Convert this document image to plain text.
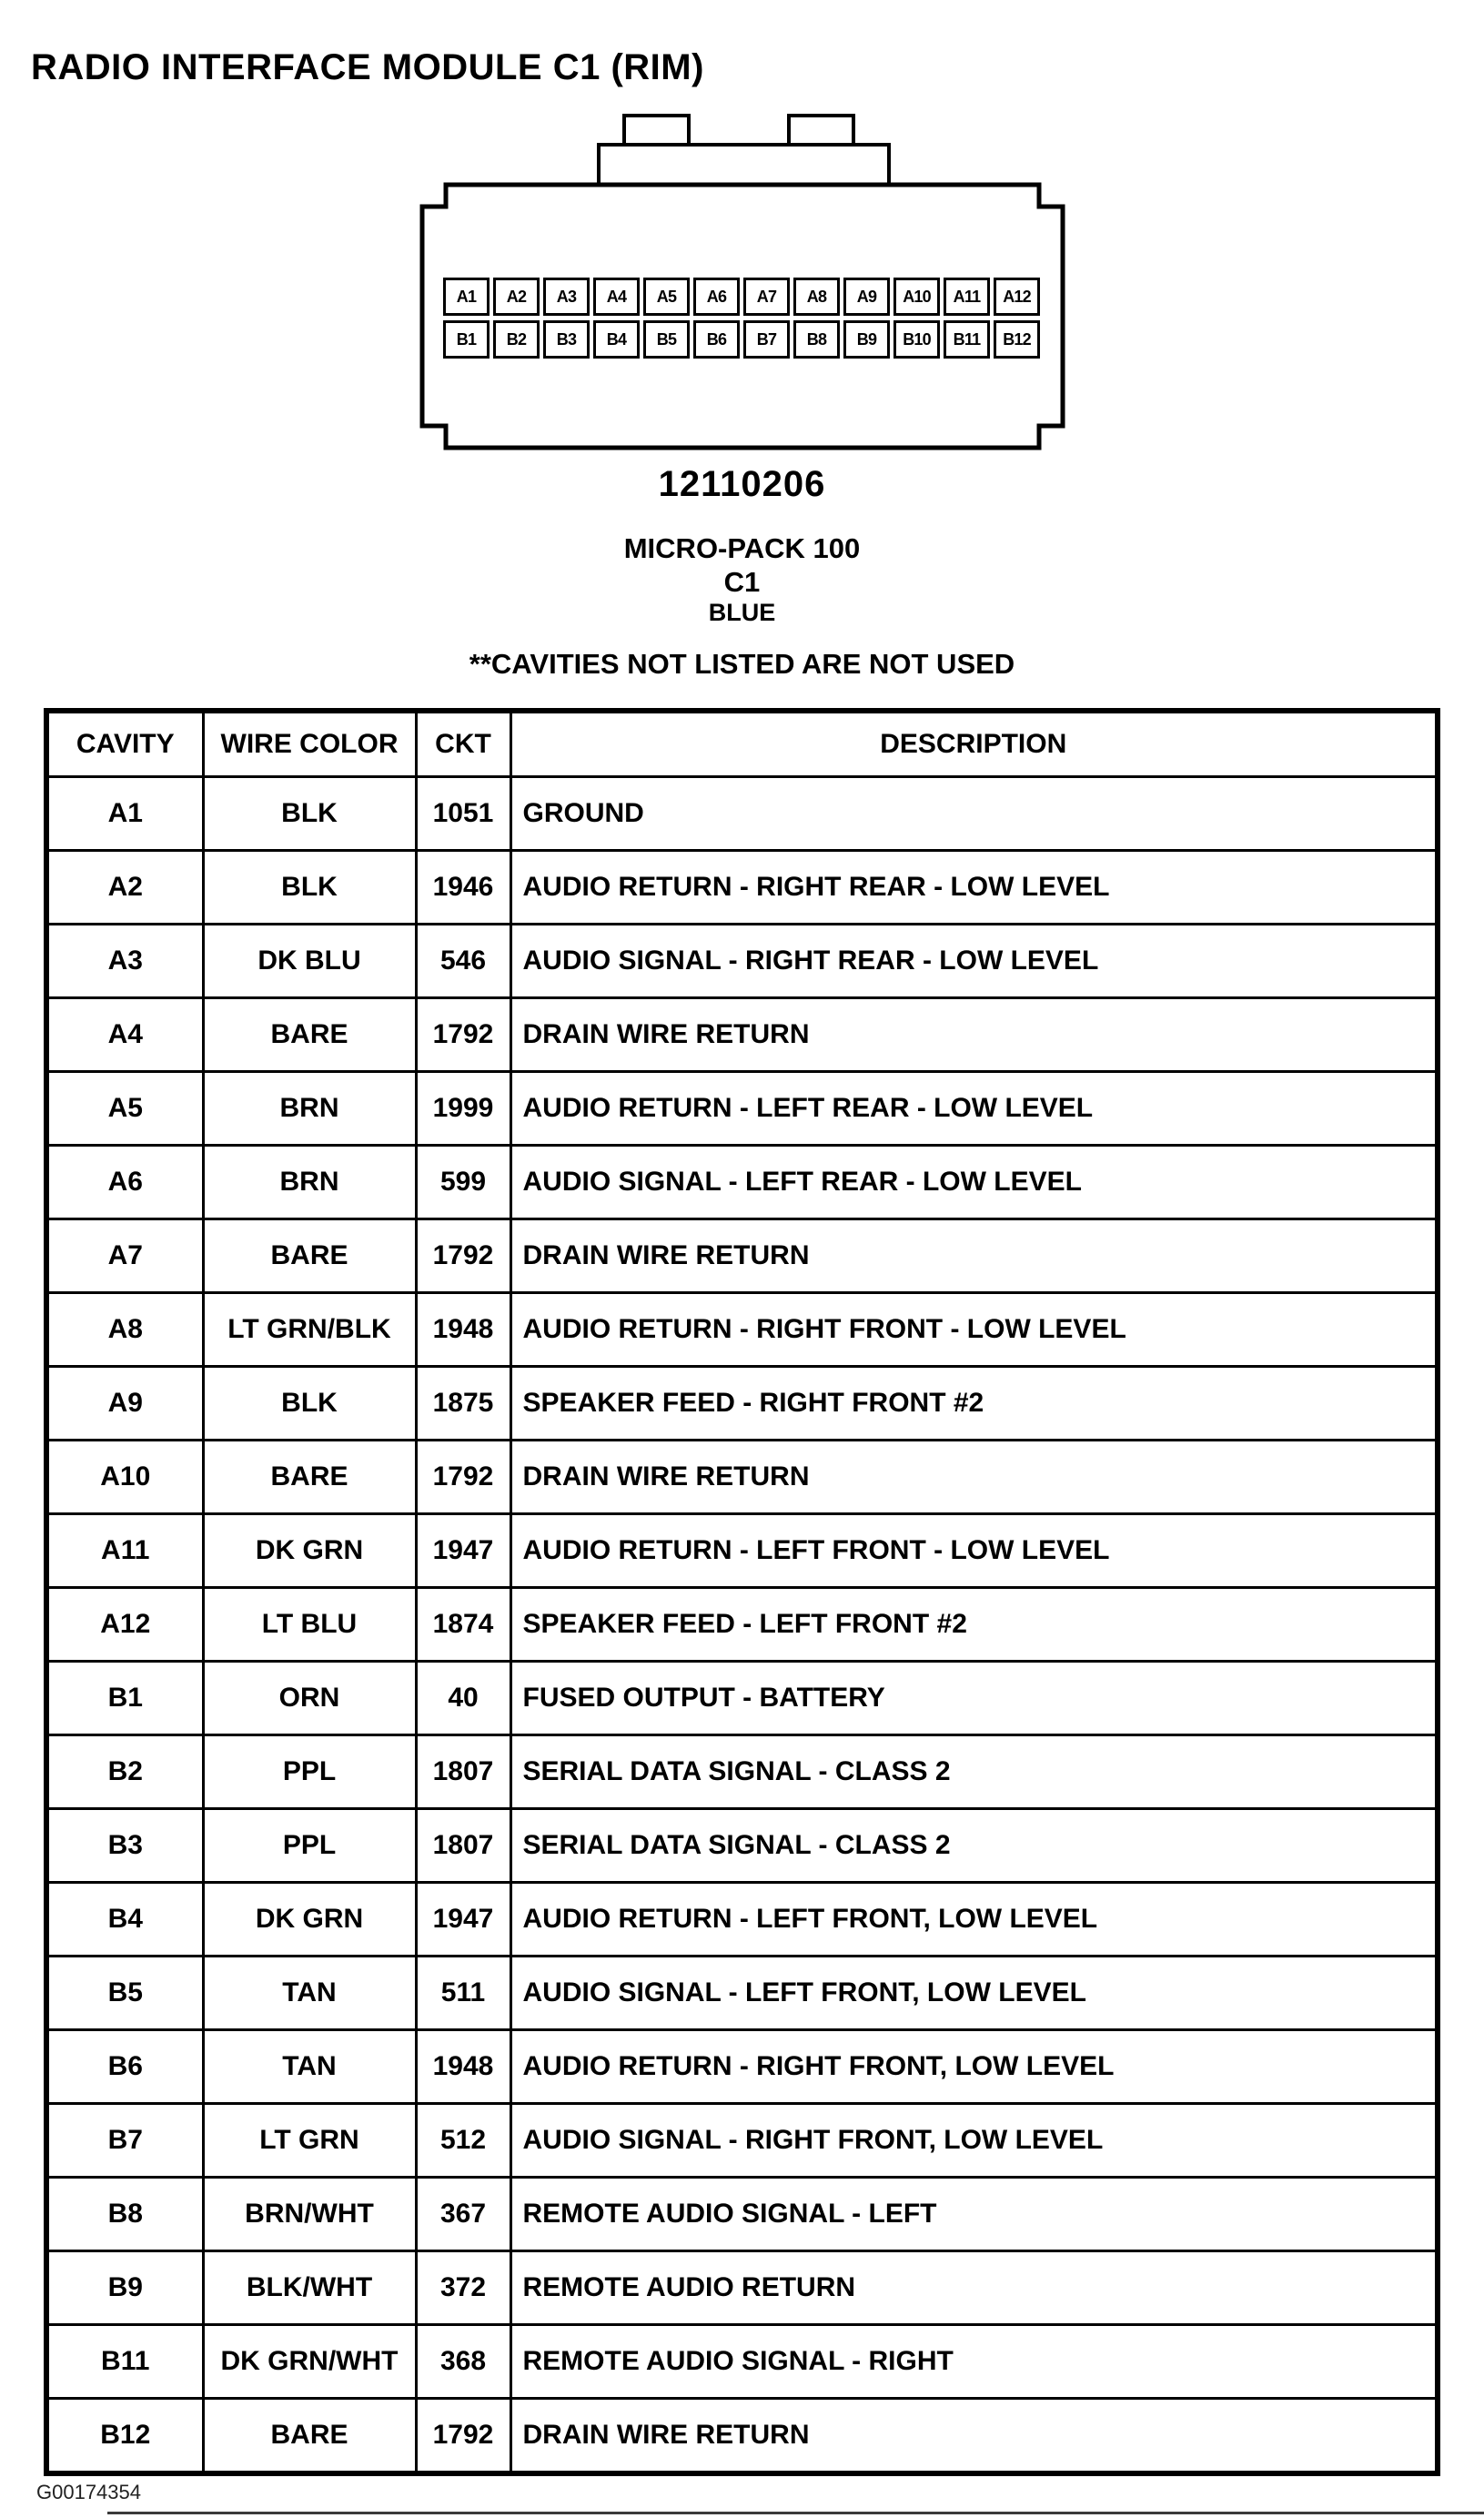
RADIO INTERFACE MODULE C1 (RIM)
A1	A2	A3	A4	A5	A6	A7	A8	A9	A10	A11	A12
B1	B2	B3	B4	B5	B6	B7	B8	B9	B10	B11	B12
12110206
MICRO-PACK 100
C1
BLUE
**CAVITIES NOT LISTED ARE NOT USED
CAVITY	WIRE COLOR	CKT	DESCRIPTION
A1	BLK	1051	GROUND
A2	BLK	1946	AUDIO RETURN - RIGHT REAR - LOW LEVEL
A3	DK BLU	546	AUDIO SIGNAL - RIGHT REAR - LOW LEVEL
A4	BARE	1792	DRAIN WIRE RETURN
A5	BRN	1999	AUDIO RETURN - LEFT REAR - LOW LEVEL
A6	BRN	599	AUDIO SIGNAL - LEFT REAR - LOW LEVEL
A7	BARE	1792	DRAIN WIRE RETURN
A8	LT GRN/BLK	1948	AUDIO RETURN - RIGHT FRONT - LOW LEVEL
A9	BLK	1875	SPEAKER FEED - RIGHT FRONT #2
A10	BARE	1792	DRAIN WIRE RETURN
A11	DK GRN	1947	AUDIO RETURN - LEFT FRONT - LOW LEVEL
A12	LT BLU	1874	SPEAKER FEED - LEFT FRONT #2
B1	ORN	40	FUSED OUTPUT - BATTERY
B2	PPL	1807	SERIAL DATA SIGNAL - CLASS 2
B3	PPL	1807	SERIAL DATA SIGNAL - CLASS 2
B4	DK GRN	1947	AUDIO RETURN - LEFT FRONT, LOW LEVEL
B5	TAN	511	AUDIO SIGNAL - LEFT FRONT, LOW LEVEL
B6	TAN	1948	AUDIO RETURN - RIGHT FRONT, LOW LEVEL
B7	LT GRN	512	AUDIO SIGNAL - RIGHT FRONT, LOW LEVEL
B8	BRN/WHT	367	REMOTE AUDIO SIGNAL - LEFT
B9	BLK/WHT	372	REMOTE AUDIO RETURN
B11	DK GRN/WHT	368	REMOTE AUDIO SIGNAL - RIGHT
B12	BARE	1792	DRAIN WIRE RETURN
G00174354
